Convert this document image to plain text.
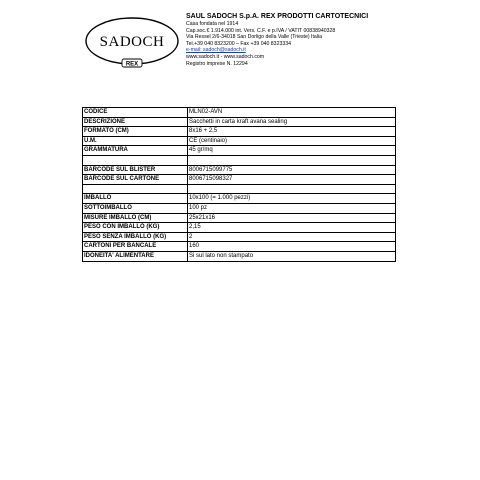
SADOCH
REX
SAUL SADOCH S.p.A. REX PRODOTTI CARTOTECNICI
Casa fondata nel 1914
Cap.soc.€ 1.914.000 int. Vers. C.F. e p.IVA / VATIT 00838940328
Via Ressel 2/6-34018 San Dorligo della Valle (Trieste) Italia
Tel.+39 040 8323200 – Fax +39 040 8323334
e-mail: sadoch@sadoch.it
www.sadoch.it - www.sadoch.com
Registro imprese N. 12294
CODICE	MLN02-AVN
DESCRIZIONE	Sacchetti in carta kraft avana sealing
FORMATO (CM)	8x16 + 2,5
U.M.	CE (centinaio)
GRAMMATURA	45 gr/mq

BARCODE SUL BLISTER	8006715099775
BARCODE SUL CARTONE	8006715098327

IMBALLO	10x100 (= 1.000 pezzi)
SOTTOIMBALLO	100 pz
MISURE IMBALLO (CM)	25x21x16
PESO CON IMBALLO (KG)	2,15
PESO SENZA IMBALLO (KG)	2
CARTONI PER BANCALE	160
IDONEITA' ALIMENTARE	Si sul lato non stampato
